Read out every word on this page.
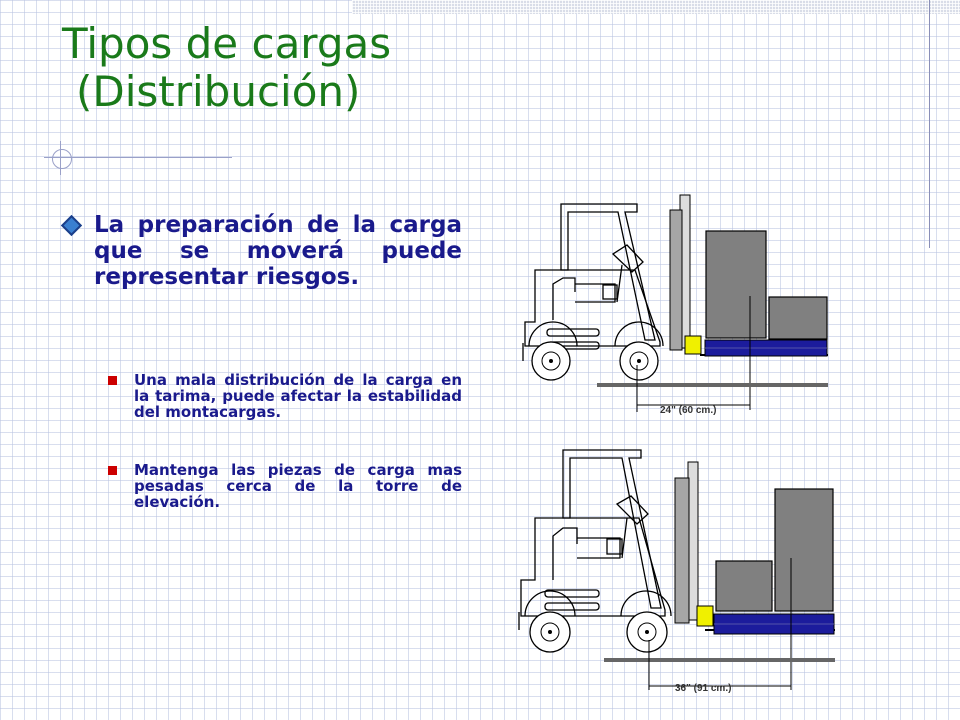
Tipos de cargas
(Distribución)

La preparación de la carga que se moverá puede representar riesgos.

Una mala distribución de la carga en la tarima, puede afectar la estabilidad del montacargas.

Mantenga las piezas de carga mas pesadas cerca de la torre de elevación.

24" (60 cm.)
36" (91 cm.)
